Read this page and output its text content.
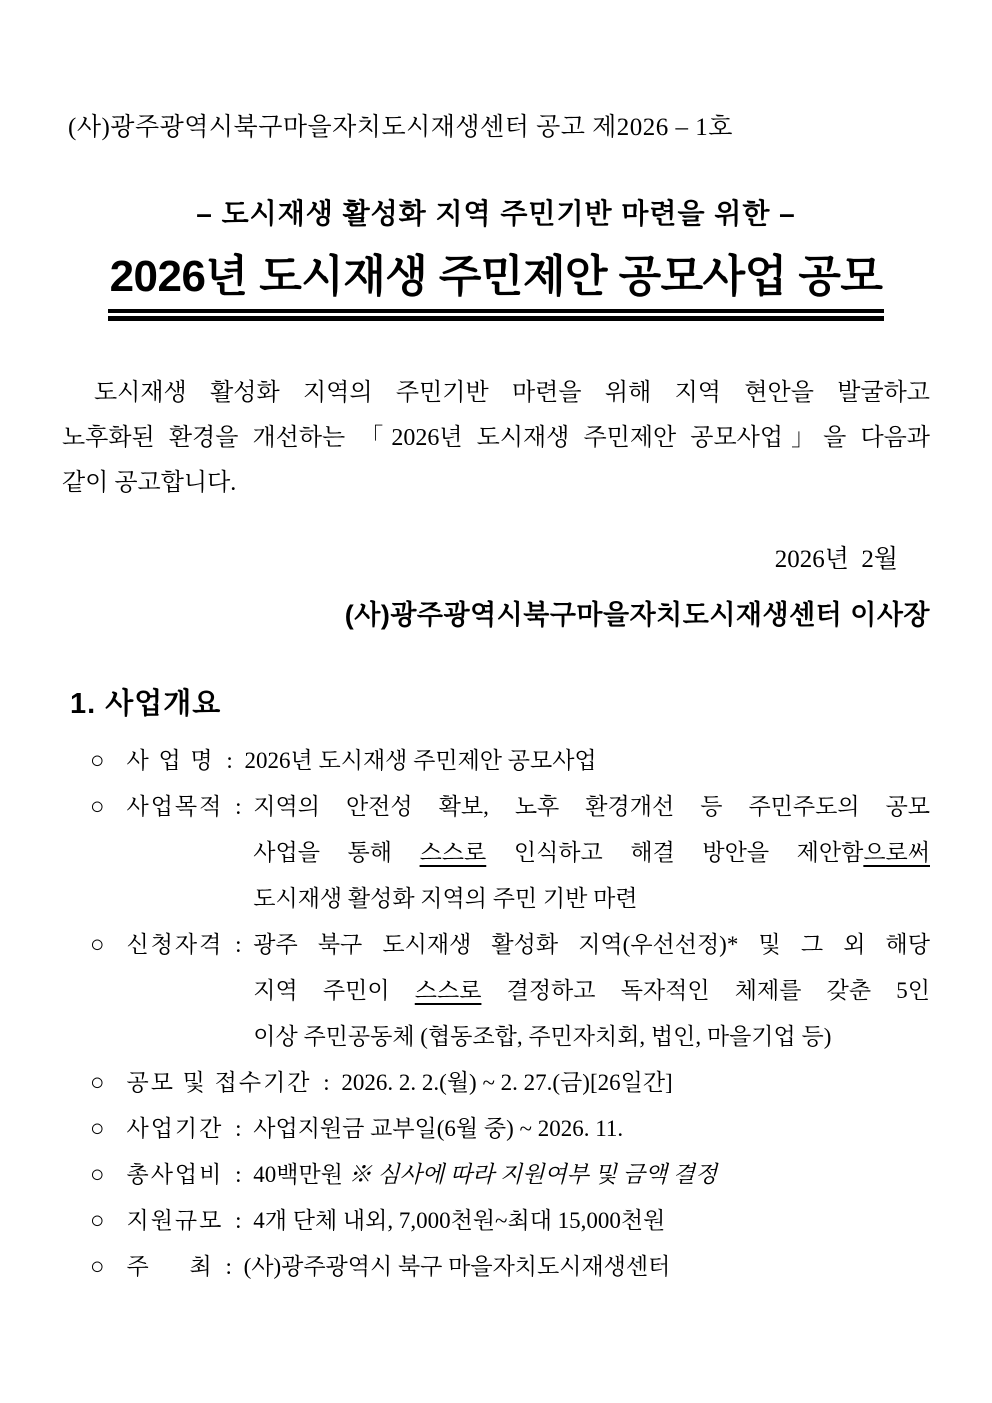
(사)광주광역시북구마을자치도시재생센터 공고 제2026 – 1호
– 도시재생 활성화 지역 주민기반 마련을 위한 –
2026년 도시재생 주민제안 공모사업 공모
도시재생 활성화 지역의 주민기반 마련을 위해 지역 현안을 발굴하고
노후화된 환경을 개선하는 「2026년 도시재생 주민제안 공모사업」을 다음과
같이 공고합니다.
2026년  2월
(사)광주광역시북구마을자치도시재생센터 이사장
1. 사업개요
○ 사 업 명 : 2026년 도시재생 주민제안 공모사업
○ 사업목적 : 지역의 안전성 확보, 노후 환경개선 등 주민주도의 공모
사업을 통해 스스로 인식하고 해결 방안을 제안함으로써
도시재생 활성화 지역의 주민 기반 마련
○ 신청자격 : 광주 북구 도시재생 활성화 지역(우선선정)* 및 그 외 해당
지역 주민이 스스로 결정하고 독자적인 체제를 갖춘 5인
이상 주민공동체 (협동조합, 주민자치회, 법인, 마을기업 등)
○ 공모 및 접수기간 : 2026. 2. 2.(월) ~ 2. 27.(금)[26일간]
○ 사업기간 : 사업지원금 교부일(6월 중) ~ 2026. 11.
○ 총사업비 : 40백만원 ※ 심사에 따라 지원여부 및 금액 결정
○ 지원규모 : 4개 단체 내외, 7,000천원~최대 15,000천원
○ 주     최 : (사)광주광역시 북구 마을자치도시재생센터
